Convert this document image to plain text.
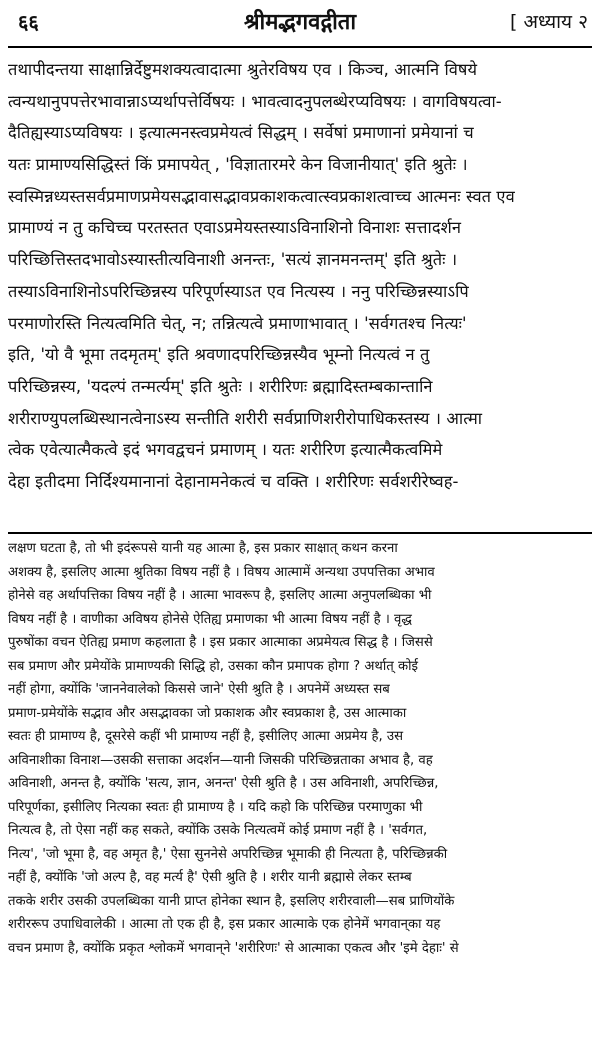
६६	श्रीमद्भगवद्गीता	[ अध्याय २
तथापीदन्तया साक्षान्निर्देष्टुमशक्यत्वादात्मा श्रुतेरविषय एव । किञ्च, आत्मनि विषये
त्वन्यथानुपपत्तेरभावान्नाऽप्यर्थापत्तेर्विषयः । भावत्वादनुपलब्धेरप्यविषयः । वागविषयत्वा-
दैतिह्यस्याऽप्यविषयः । इत्यात्मनस्त्वप्रमेयत्वं सिद्धम् । सर्वेषां प्रमाणानां प्रमेयानां च
यतः प्रामाण्यसिद्धिस्तं किं प्रमापयेत् , 'विज्ञातारमरे केन विजानीयात्' इति श्रुतेः ।
स्वस्मिन्नध्यस्तसर्वप्रमाणप्रमेयसद्भावासद्भावप्रकाशकत्वात्स्वप्रकाशत्वाच्च आत्मनः स्वत एव
प्रामाण्यं न तु कचिच्च परतस्तत एवाऽप्रमेयस्तस्याऽविनाशिनो विनाशः सत्तादर्शन
परिच्छित्तिस्तदभावोऽस्यास्तीत्यविनाशी अनन्तः, 'सत्यं ज्ञानमनन्तम्' इति श्रुतेः ।
तस्याऽविनाशिनोऽपरिच्छिन्नस्य परिपूर्णस्याऽत एव नित्यस्य । ननु परिच्छिन्नस्याऽपि
परमाणोरस्ति नित्यत्वमिति चेत्, न; तन्नित्यत्वे प्रमाणाभावात् । 'सर्वगतश्च नित्यः'
इति, 'यो वै भूमा तदमृतम्' इति श्रवणादपरिच्छिन्नस्यैव भूम्नो नित्यत्वं न तु
परिच्छिन्नस्य, 'यदल्पं तन्मर्त्यम्' इति श्रुतेः । शरीरिणः ब्रह्मादिस्तम्बकान्तानि
शरीराण्युपलब्धिस्थानत्वेनाऽस्य सन्तीति शरीरी सर्वप्राणिशरीरोपाधिकस्तस्य । आत्मा
त्वेक एवेत्यात्मैकत्वे इदं भगवद्वचनं प्रमाणम् । यतः शरीरिण इत्यात्मैकत्वमिमे
देहा इतीदमा निर्दिश्यमानानां देहानामनेकत्वं च वक्ति । शरीरिणः सर्वशरीरेष्वह-
लक्षण घटता है, तो भी इदंरूपसे यानी यह आत्मा है, इस प्रकार साक्षात् कथन करना
अशक्य है, इसलिए आत्मा श्रुतिका विषय नहीं है । विषय आत्मामें अन्यथा उपपत्तिका अभाव
होनेसे वह अर्थापत्तिका विषय नहीं है । आत्मा भावरूप है, इसलिए आत्मा अनुपलब्धिका भी
विषय नहीं है । वाणीका अविषय होनेसे ऐतिह्य प्रमाणका भी आत्मा विषय नहीं है । वृद्ध
पुरुषोंका वचन ऐतिह्य प्रमाण कहलाता है । इस प्रकार आत्माका अप्रमेयत्व सिद्ध है । जिससे
सब प्रमाण और प्रमेयोंके प्रामाण्यकी सिद्धि हो, उसका कौन प्रमापक होगा ? अर्थात् कोई
नहीं होगा, क्योंकि 'जाननेवालेको किससे जाने' ऐसी श्रुति है । अपनेमें अध्यस्त सब
प्रमाण-प्रमेयोंके सद्भाव और असद्भावका जो प्रकाशक और स्वप्रकाश है, उस आत्माका
स्वतः ही प्रामाण्य है, दूसरेसे कहीं भी प्रामाण्य नहीं है, इसीलिए आत्मा अप्रमेय है, उस
अविनाशीका विनाश—उसकी सत्ताका अदर्शन—यानी जिसकी परिच्छिन्नताका अभाव है, वह
अविनाशी, अनन्त है, क्योंकि 'सत्य, ज्ञान, अनन्त' ऐसी श्रुति है । उस अविनाशी, अपरिच्छिन्न,
परिपूर्णका, इसीलिए नित्यका स्वतः ही प्रामाण्य है । यदि कहो कि परिच्छिन्न परमाणुका भी
नित्यत्व है, तो ऐसा नहीं कह सकते, क्योंकि उसके नित्यत्वमें कोई प्रमाण नहीं है । 'सर्वगत,
नित्य', 'जो भूमा है, वह अमृत है,' ऐसा सुननेसे अपरिच्छिन्न भूमाकी ही नित्यता है, परिच्छिन्नकी
नहीं है, क्योंकि 'जो अल्प है, वह मर्त्य है' ऐसी श्रुति है । शरीर यानी ब्रह्मासे लेकर स्तम्ब
तकके शरीर उसकी उपलब्धिका यानी प्राप्त होनेका स्थान है, इसलिए शरीरवाली—सब प्राणियोंके
शरीररूप उपाधिवालेकी । आत्मा तो एक ही है, इस प्रकार आत्माके एक होनेमें भगवान्‌का यह
वचन प्रमाण है, क्योंकि प्रकृत श्लोकमें भगवान्‌ने 'शरीरिणः' से आत्माका एकत्व और 'इमे देहाः' से
